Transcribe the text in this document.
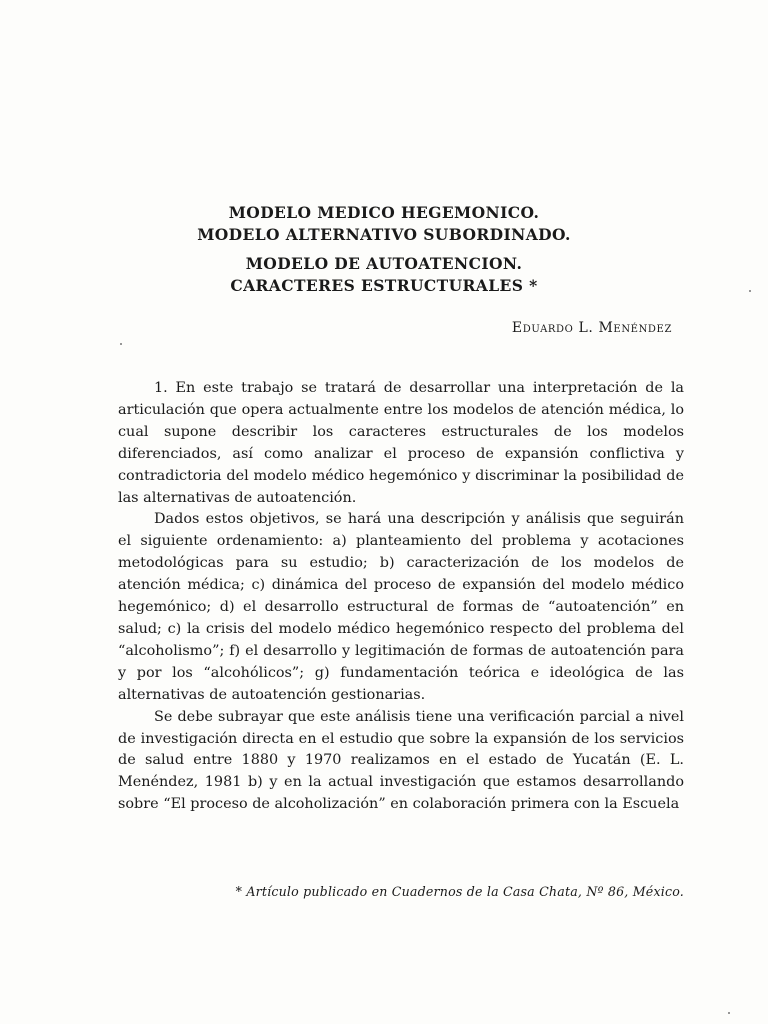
MODELO MEDICO HEGEMONICO.

MODELO ALTERNATIVO SUBORDINADO.

MODELO DE AUTOATENCION.

CARACTERES ESTRUCTURALES *

Eduardo L. Menéndez

1. En este trabajo se tratará de desarrollar una interpretación de la articulación que opera actualmente entre los modelos de atención médica, lo cual supone describir los caracteres estructurales de los modelos diferenciados, así como analizar el proceso de expansión conflictiva y contradictoria del modelo médico hegemónico y discriminar la posibilidad de las alternativas de autoatención.

Dados estos objetivos, se hará una descripción y análisis que seguirán el siguiente ordenamiento: a) planteamiento del problema y acotaciones metodológicas para su estudio; b) caracterización de los modelos de atención médica; c) dinámica del proceso de expansión del modelo médico hegemónico; d) el desarrollo estructural de formas de “autoatención” en salud; c) la crisis del modelo médico hegemónico respecto del problema del “alcoholismo”; f) el desarrollo y legitimación de formas de autoatención para y por los “alcohólicos”; g) fundamentación teórica e ideológica de las alternativas de autoatención gestionarias.

Se debe subrayar que este análisis tiene una verificación parcial a nivel de investigación directa en el estudio que sobre la expansión de los servicios de salud entre 1880 y 1970 realizamos en el estado de Yucatán (E. L. Menéndez, 1981 b) y en la actual investigación que estamos desarrollando sobre “El proceso de alcoholización” en colaboración primera con la Escuela

* Artículo publicado en Cuadernos de la Casa Chata, Nº 86, México.
